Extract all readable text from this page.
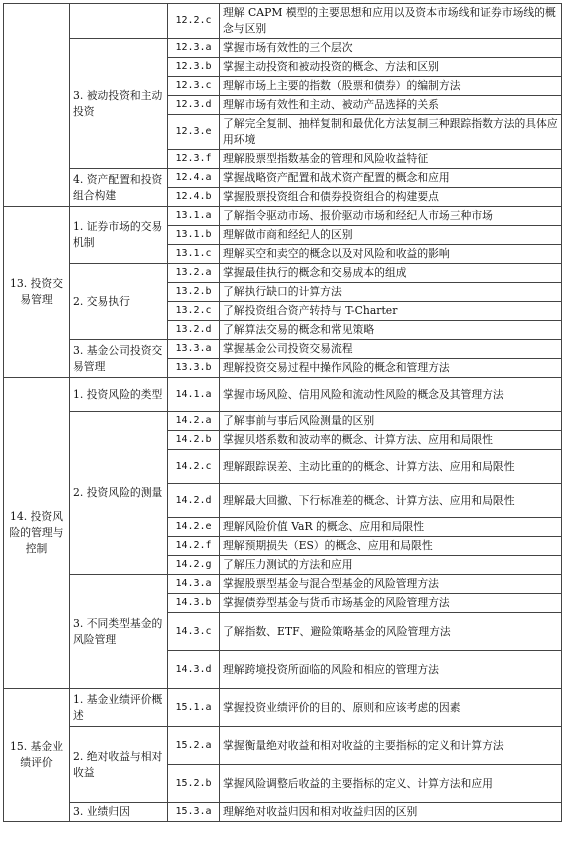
		12.2.c	理解 CAPM 模型的主要思想和应用以及资本市场线和证券市场线的概念与区别
	3. 被动投资和主动投资	12.3.a	掌握市场有效性的三个层次
		12.3.b	掌握主动投资和被动投资的概念、方法和区别
		12.3.c	理解市场上主要的指数（股票和债券）的编制方法
		12.3.d	理解市场有效性和主动、被动产品选择的关系
		12.3.e	了解完全复制、抽样复制和最优化方法复制三种跟踪指数方法的具体应用环境
		12.3.f	理解股票型指数基金的管理和风险收益特征
	4. 资产配置和投资组合构建	12.4.a	掌握战略资产配置和战术资产配置的概念和应用
		12.4.b	掌握股票投资组合和债券投资组合的构建要点
13. 投资交易管理	1. 证券市场的交易机制	13.1.a	了解指令驱动市场、报价驱动市场和经纪人市场三种市场
		13.1.b	理解做市商和经纪人的区别
		13.1.c	理解买空和卖空的概念以及对风险和收益的影响
	2. 交易执行	13.2.a	掌握最佳执行的概念和交易成本的组成
		13.2.b	了解执行缺口的计算方法
		13.2.c	了解投资组合资产转持与 T-Charter
		13.2.d	了解算法交易的概念和常见策略
	3. 基金公司投资交易管理	13.3.a	掌握基金公司投资交易流程
		13.3.b	理解投资交易过程中操作风险的概念和管理方法
14. 投资风险的管理与控制	1. 投资风险的类型	14.1.a	掌握市场风险、信用风险和流动性风险的概念及其管理方法
	2. 投资风险的测量	14.2.a	了解事前与事后风险测量的区别
		14.2.b	掌握贝塔系数和波动率的概念、计算方法、应用和局限性
		14.2.c	理解跟踪误差、主动比重的的概念、计算方法、应用和局限性
		14.2.d	理解最大回撤、下行标准差的概念、计算方法、应用和局限性
		14.2.e	理解风险价值 VaR 的概念、应用和局限性
		14.2.f	理解预期损失（ES）的概念、应用和局限性
		14.2.g	了解压力测试的方法和应用
	3. 不同类型基金的风险管理	14.3.a	掌握股票型基金与混合型基金的风险管理方法
		14.3.b	掌握债券型基金与货币市场基金的风险管理方法
		14.3.c	了解指数、ETF、避险策略基金的风险管理方法
		14.3.d	理解跨境投资所面临的风险和相应的管理方法
15. 基金业绩评价	1. 基金业绩评价概述	15.1.a	掌握投资业绩评价的目的、原则和应该考虑的因素
	2. 绝对收益与相对收益	15.2.a	掌握衡量绝对收益和相对收益的主要指标的定义和计算方法
		15.2.b	掌握风险调整后收益的主要指标的定义、计算方法和应用
	3. 业绩归因	15.3.a	理解绝对收益归因和相对收益归因的区别
